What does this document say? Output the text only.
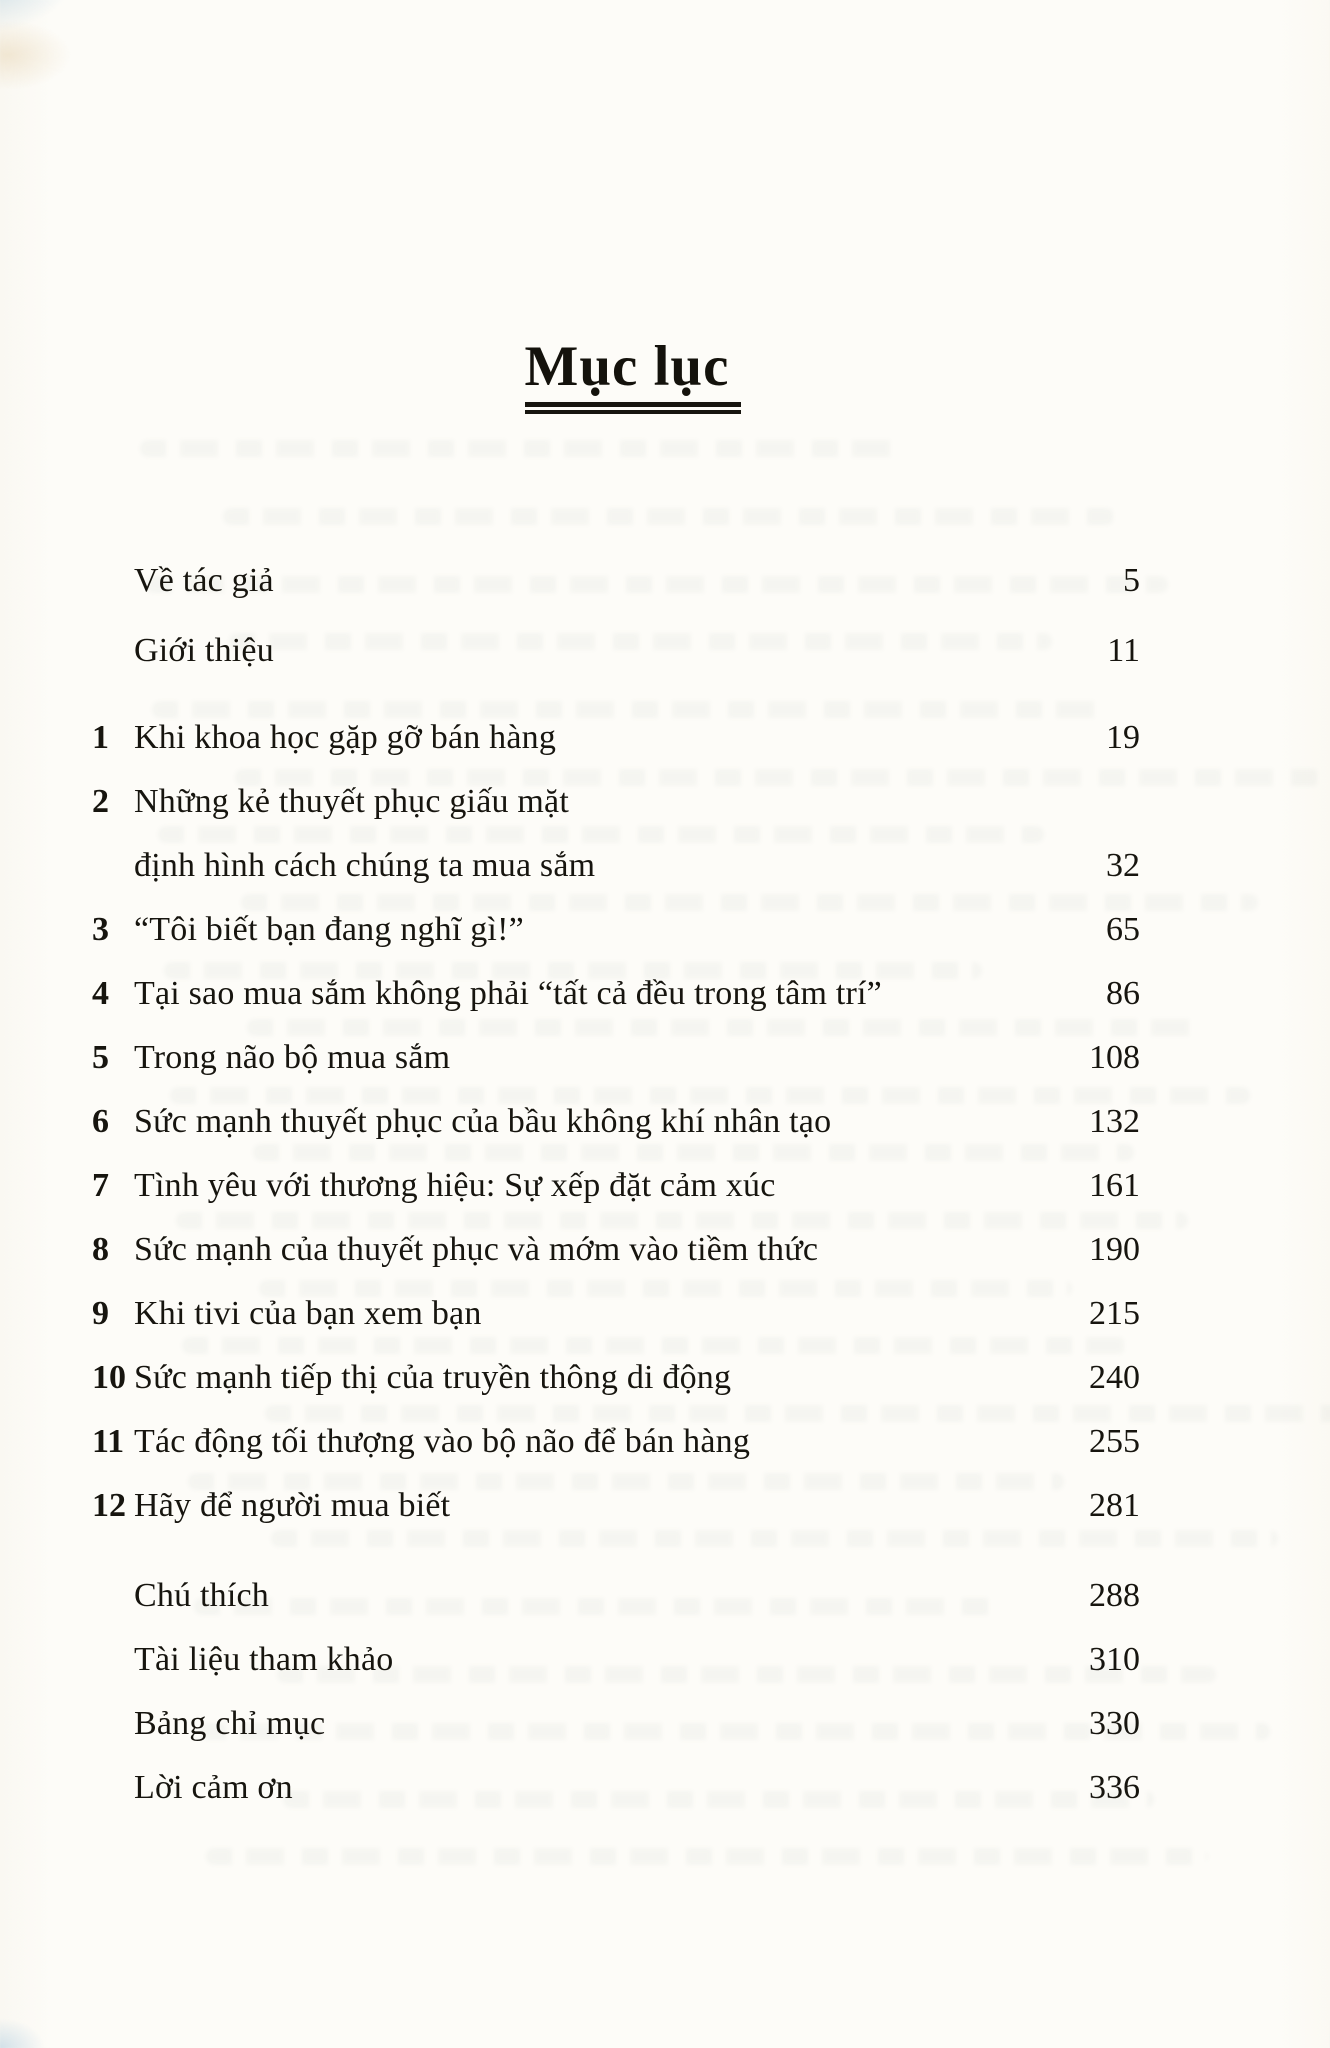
Mục lục
Về tác giả	5
Giới thiệu	11
1 Khi khoa học gặp gỡ bán hàng	19
2 Những kẻ thuyết phục giấu mặt
định hình cách chúng ta mua sắm	32
3 “Tôi biết bạn đang nghĩ gì!”	65
4 Tại sao mua sắm không phải “tất cả đều trong tâm trí”	86
5 Trong não bộ mua sắm	108
6 Sức mạnh thuyết phục của bầu không khí nhân tạo	132
7 Tình yêu với thương hiệu: Sự xếp đặt cảm xúc	161
8 Sức mạnh của thuyết phục và mớm vào tiềm thức	190
9 Khi tivi của bạn xem bạn	215
10 Sức mạnh tiếp thị của truyền thông di động	240
11 Tác động tối thượng vào bộ não để bán hàng	255
12 Hãy để người mua biết	281
Chú thích	288
Tài liệu tham khảo	310
Bảng chỉ mục	330
Lời cảm ơn	336
